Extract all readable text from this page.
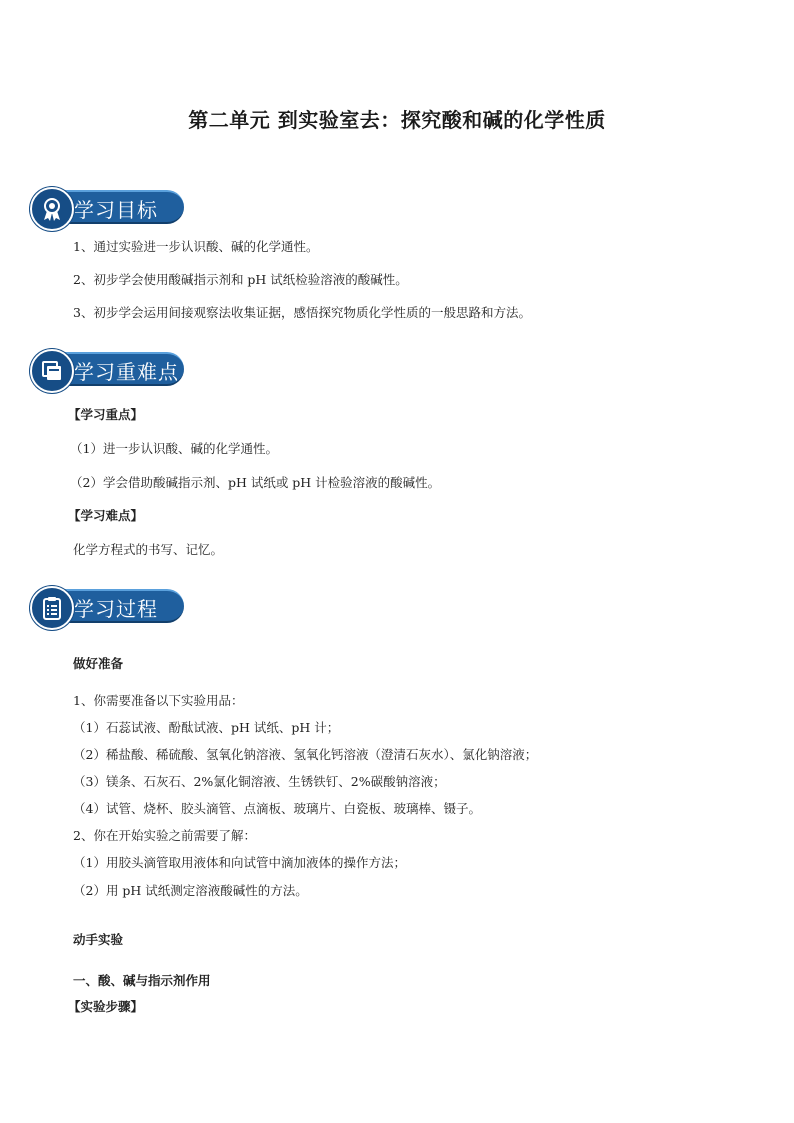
第二单元 到实验室去：探究酸和碱的化学性质
学习目标
1、通过实验进一步认识酸、碱的化学通性。
2、初步学会使用酸碱指示剂和 pH 试纸检验溶液的酸碱性。
3、初步学会运用间接观察法收集证据，感悟探究物质化学性质的一般思路和方法。
学习重难点
【学习重点】
（1）进一步认识酸、碱的化学通性。
（2）学会借助酸碱指示剂、pH 试纸或 pH 计检验溶液的酸碱性。
【学习难点】
化学方程式的书写、记忆。
学习过程
做好准备
1、你需要准备以下实验用品：
（1）石蕊试液、酚酞试液、pH 试纸、pH 计；
（2）稀盐酸、稀硫酸、氢氧化钠溶液、氢氧化钙溶液（澄清石灰水）、氯化钠溶液；
（3）镁条、石灰石、2%氯化铜溶液、生锈铁钉、2%碳酸钠溶液；
（4）试管、烧杯、胶头滴管、点滴板、玻璃片、白瓷板、玻璃棒、镊子。
2、你在开始实验之前需要了解：
（1）用胶头滴管取用液体和向试管中滴加液体的操作方法；
（2）用 pH 试纸测定溶液酸碱性的方法。
动手实验
一、酸、碱与指示剂作用
【实验步骤】
